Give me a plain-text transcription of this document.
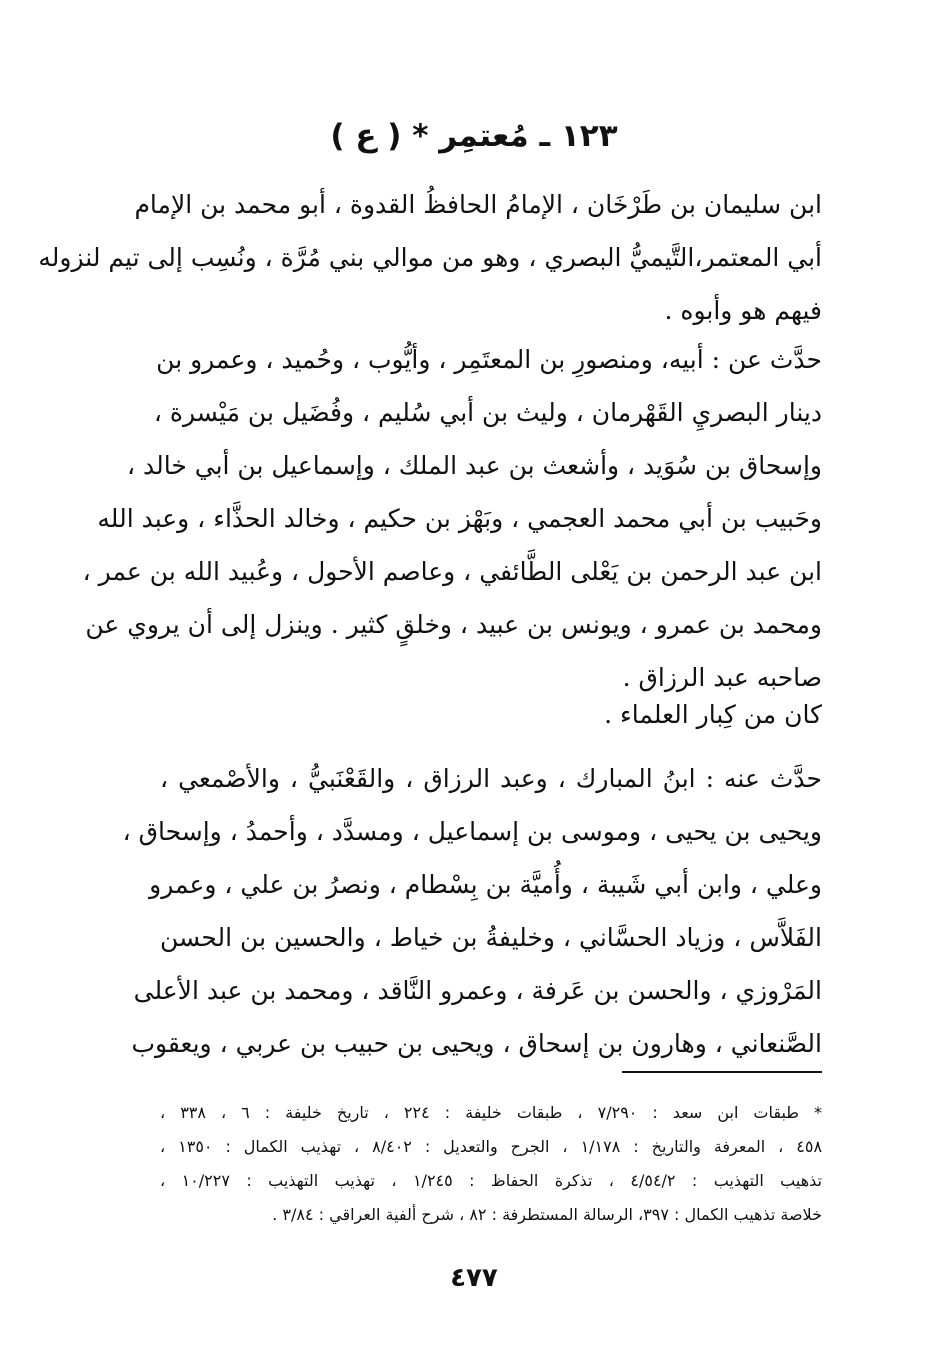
١٢٣ ـ مُعتمِر * ( ع )
ابن سليمان بن طَرْخَان ، الإمامُ الحافظُ القدوة ، أبو محمد بن الإمام
أبي المعتمر،التَّيميُّ البصري ، وهو من موالي بني مُرَّة ، ونُسِب إلى تيم لنزوله
فيهم هو وأبوه .
حدَّث عن : أبيه، ومنصورِ بن المعتَمِر ، وأيُّوب ، وحُميد ، وعمرو بن
دينار البصريِ القَهْرمان ، وليث بن أبي سُليم ، وفُضَيل بن مَيْسرة ،
وإسحاق بن سُوَيد ، وأشعث بن عبد الملك ، وإسماعيل بن أبي خالد ،
وحَبيب بن أبي محمد العجمي ، وبَهْز بن حكيم ، وخالد الحذَّاء ، وعبد الله
ابن عبد الرحمن بن يَعْلى الطَّائفي ، وعاصم الأحول ، وعُبيد الله بن عمر ،
ومحمد بن عمرو ، ويونس بن عبيد ، وخلقٍ كثير . وينزل إلى أن يروي عن
صاحبه عبد الرزاق .
كان من كِبار العلماء .
حدَّث عنه : ابنُ المبارك ، وعبد الرزاق ، والقَعْنَبيُّ ، والأصْمعي ،
ويحيى بن يحيى ، وموسى بن إسماعيل ، ومسدَّد ، وأحمدُ ، وإسحاق ،
وعلي ، وابن أبي شَيبة ، وأُميَّة بن بِسْطام ، ونصرُ بن علي ، وعمرو
الفَلاَّس ، وزياد الحسَّاني ، وخليفةُ بن خياط ، والحسين بن الحسن
المَرْوزي ، والحسن بن عَرفة ، وعمرو النَّاقد ، ومحمد بن عبد الأعلى
الصَّنعاني ، وهارون بن إسحاق ، ويحيى بن حبيب بن عربي ، ويعقوب
* طبقات ابن سعد : ٧/٢٩٠ ، طبقات خليفة : ٢٢٤ ، تاريخ خليفة : ٦ ، ٣٣٨ ،
٤٥٨ ، المعرفة والتاريخ : ١/١٧٨ ، الجرح والتعديل : ٨/٤٠٢ ، تهذيب الكمال : ١٣٥٠ ،
تذهيب التهذيب : ٤/٥٤/٢ ، تذكرة الحفاظ : ١/٢٤٥ ، تهذيب التهذيب : ١٠/٢٢٧ ،
خلاصة تذهيب الكمال : ٣٩٧، الرسالة المستطرفة : ٨٢ ، شرح ألفية العراقي : ٣/٨٤ .
٤٧٧
